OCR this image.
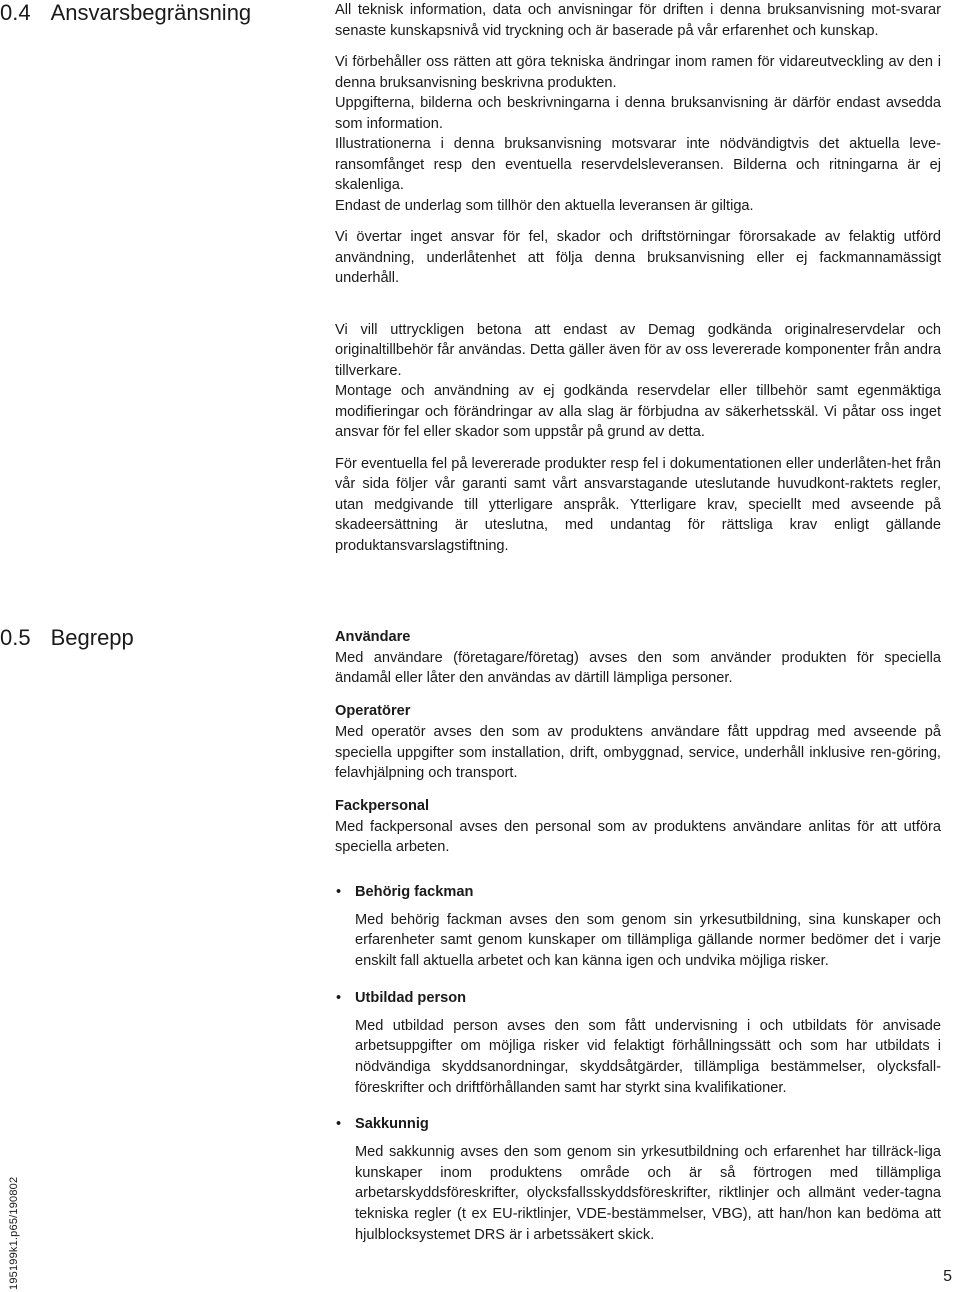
0.4 Ansvarsbegränsning	All teknisk information, data och anvisningar för driften i denna bruksanvisning mot-svarar senaste kunskapsnivå vid tryckning och är baserade på vår erfarenhet och kunskap.

Vi förbehåller oss rätten att göra tekniska ändringar inom ramen för vidareutveckling av den i denna bruksanvisning beskrivna produkten.

Uppgifterna, bilderna och beskrivningarna i denna bruksanvisning är därför endast avsedda som information.

Illustrationerna i denna bruksanvisning motsvarar inte nödvändigtvis det aktuella leve-ransomfånget resp den eventuella reservdelsleveransen. Bilderna och ritningarna är ej skalenliga.

Endast de underlag som tillhör den aktuella leveransen är giltiga.

Vi övertar inget ansvar för fel, skador och driftstörningar förorsakade av felaktig utförd användning, underlåtenhet att följa denna bruksanvisning eller ej fackmannamässigt underhåll.

Vi vill uttryckligen betona att endast av Demag godkända originalreservdelar och originaltillbehör får användas. Detta gäller även för av oss levererade komponenter från andra tillverkare.

Montage och användning av ej godkända reservdelar eller tillbehör samt egenmäktiga modifieringar och förändringar av alla slag är förbjudna av säkerhetsskäl. Vi påtar oss inget ansvar för fel eller skador som uppstår på grund av detta.

För eventuella fel på levererade produkter resp fel i dokumentationen eller underlåten-het från vår sida följer vår garanti samt vårt ansvarstagande uteslutande huvudkont-raktets regler, utan medgivande till ytterligare anspråk. Ytterligare krav, speciellt med avseende på skadeersättning är uteslutna, med undantag för rättsliga krav enligt gällande produktansvarslagstiftning.

0.5 Begrepp	Användare

Med användare (företagare/företag) avses den som använder produkten för speciella ändamål eller låter den användas av därtill lämpliga personer.

Operatörer

Med operatör avses den som av produktens användare fått uppdrag med avseende på speciella uppgifter som installation, drift, ombyggnad, service, underhåll inklusive ren-göring, felavhjälpning och transport.

Fackpersonal

Med fackpersonal avses den personal som av produktens användare anlitas för att utföra speciella arbeten.

• Behörig fackman

Med behörig fackman avses den som genom sin yrkesutbildning, sina kunskaper och erfarenheter samt genom kunskaper om tillämpliga gällande normer bedömer det i varje enskilt fall aktuella arbetet och kan känna igen och undvika möjliga risker.

• Utbildad person

Med utbildad person avses den som fått undervisning i och utbildats för anvisade arbetsuppgifter om möjliga risker vid felaktigt förhållningssätt och som har utbildats i nödvändiga skyddsanordningar, skyddsåtgärder, tillämpliga bestämmelser, olycksfall-föreskrifter och driftförhållanden samt har styrkt sina kvalifikationer.

• Sakkunnig

Med sakkunnig avses den som genom sin yrkesutbildning och erfarenhet har tillräck-liga kunskaper inom produktens område och är så förtrogen med tillämpliga arbetarskyddsföreskrifter, olycksfallsskyddsföreskrifter, riktlinjer och allmänt veder-tagna tekniska regler (t ex EU-riktlinjer, VDE-bestämmelser, VBG), att han/hon kan bedöma att hjulblocksystemet DRS är i arbetssäkert skick.

195199k1.p65/190802	5
